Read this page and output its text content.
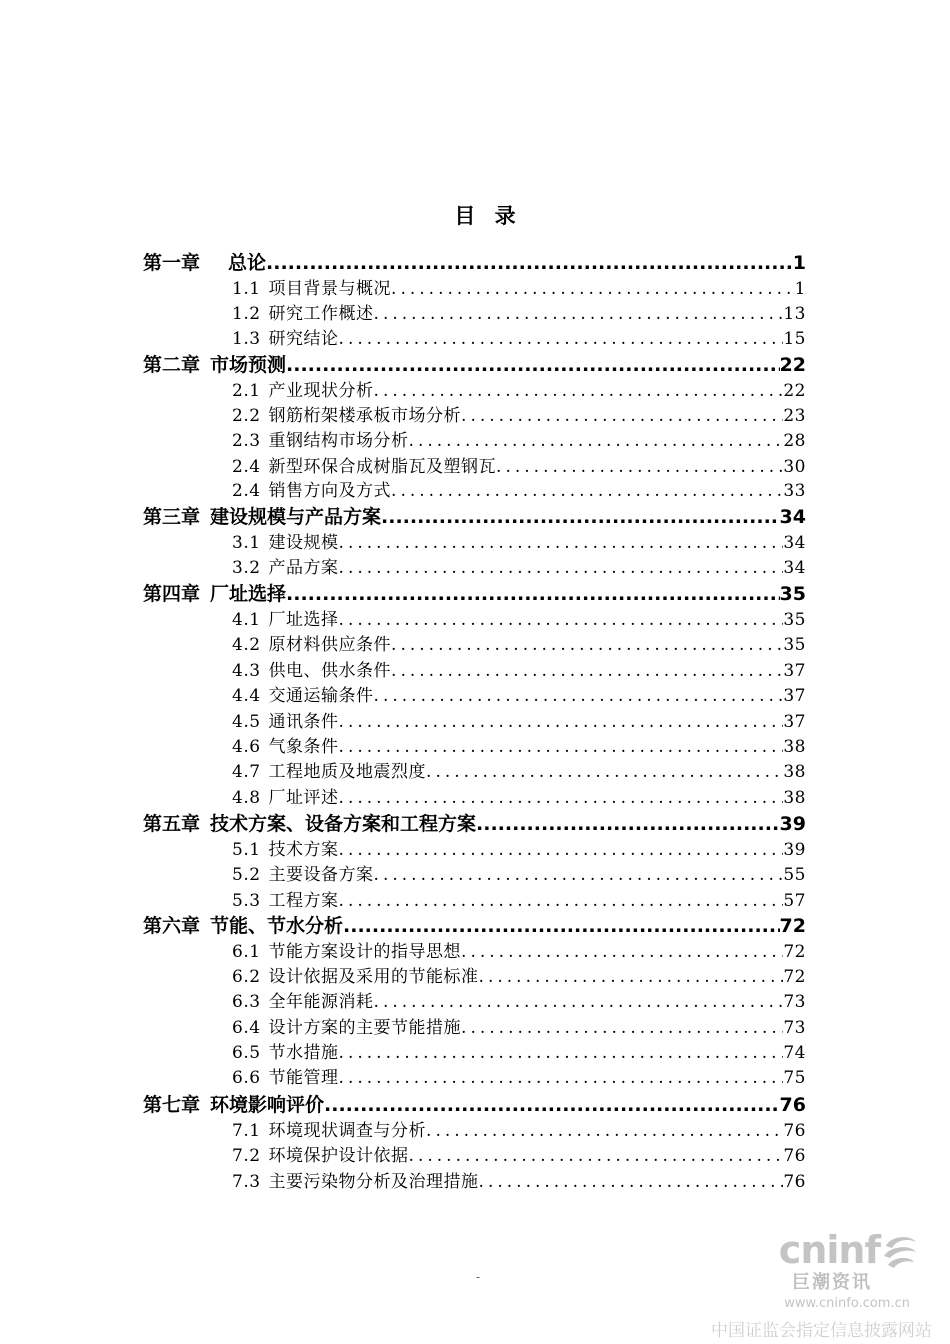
目 录
第一章 总论 .....	1
1.1 项目背景与概况 .....	1
1.2 研究工作概述 .....	13
1.3 研究结论 .....	15
第二章 市场预测 .....	22
2.1 产业现状分析 .....	22
2.2 钢筋桁架楼承板市场分析 .....	23
2.3 重钢结构市场分析 .....	28
2.4 新型环保合成树脂瓦及塑钢瓦 .....	30
2.4 销售方向及方式 .....	33
第三章 建设规模与产品方案 .....	34
3.1 建设规模 .....	34
3.2 产品方案 .....	34
第四章 厂址选择 .....	35
4.1 厂址选择 .....	35
4.2 原材料供应条件 .....	35
4.3 供电、供水条件 .....	37
4.4 交通运输条件 .....	37
4.5 通讯条件 .....	37
4.6 气象条件 .....	38
4.7 工程地质及地震烈度 .....	38
4.8 厂址评述 .....	38
第五章 技术方案、设备方案和工程方案 .....	39
5.1 技术方案 .....	39
5.2 主要设备方案 .....	55
5.3 工程方案 .....	57
第六章 节能、节水分析 .....	72
6.1 节能方案设计的指导思想 .....	72
6.2 设计依据及采用的节能标准 .....	72
6.3 全年能源消耗 .....	73
6.4 设计方案的主要节能措施 .....	73
6.5 节水措施 .....	74
6.6 节能管理 .....	75
第七章 环境影响评价 .....	76
7.1 环境现状调查与分析 .....	76
7.2 环境保护设计依据 .....	76
7.3 主要污染物分析及治理措施 .....	76
-
cninf
巨潮资讯
www.cninfo.com.cn
中国证监会指定信息披露网站
